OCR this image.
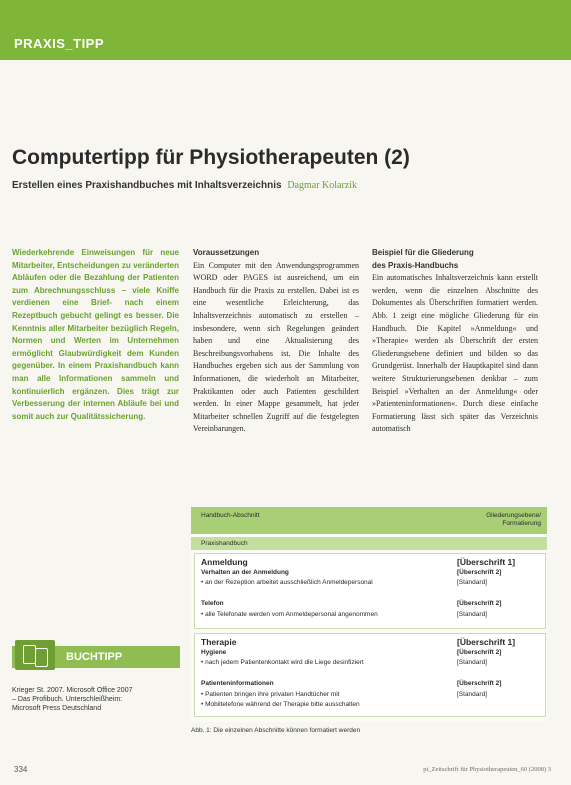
PRAXIS_TIPP
Computertipp für Physiotherapeuten (2)
Erstellen eines Praxishandbuches mit Inhaltsverzeichnis Dagmar Kolarzik
Wiederkehrende Einweisungen für neue Mitarbeiter, Entscheidungen zu veränderten Abläufen oder die Bezahlung der Patienten zum Abrechnungsschluss – viele Kniffe verdienen eine Brief- nach einem Rezeptbuch gebucht gelingt es besser. Die Kenntnis aller Mitarbeiter bezüglich Regeln, Normen und Werten im Unternehmen ermöglicht Glaubwürdigkeit dem Kunden gegenüber. In einem Praxishandbuch kann man alle Informationen sammeln und kontinuierlich ergänzen. Dies trägt zur Verbesserung der internen Abläufe bei und somit auch zur Qualitätssicherung.
Voraussetzungen
Ein Computer mit den Anwendungsprogrammen WORD oder PAGES ist ausreichend, um ein Handbuch für die Praxis zu erstellen. Dabei ist es eine wesentliche Erleichterung, das Inhaltsverzeichnis automatisch zu erstellen – insbesondere, wenn sich Regelungen geändert haben und eine Aktualisierung des Beschreibungsvorhabens ist. Die Inhalte des Handbuches ergeben sich aus der Sammlung von Informationen, die wiederholt an Mitarbeiter, Praktikanten oder auch Patienten geschildert werden. In einer Mappe gesammelt, hat jeder Mitarbeiter schnellen Zugriff auf die festgelegten Vereinbarungen.
Beispiel für die Gliederung
des Praxis-Handbuchs
Ein automatisches Inhaltsverzeichnis kann erstellt werden, wenn die einzelnen Abschnitte des Dokumentes als Überschriften formatiert werden. Abb. 1 zeigt eine mögliche Gliederung für ein Handbuch. Die Kapitel »Anmeldung« und »Therapie« werden als Überschrift der ersten Gliederungsebene definiert und bilden so das Grundgerüst. Innerhalb der Hauptkapitel sind dann weitere Strukturierungsebenen denkbar – zum Beispiel »Verhalten an der Anmeldung« oder »Patienteninformationen«. Durch diese einfache Formatierung lässt sich später das Verzeichnis automatisch
Handbuch-Abschnitt	Gliederungsebene/
Formatierung
Praxishandbuch
Anmeldung	[Überschrift 1]
Verhalten an der Anmeldung	[Überschrift 2]
• an der Rezeption arbeitet ausschließlich Anmeldepersonal	[Standard]
Telefon	[Überschrift 2]
• alle Telefonate werden vom Anmeldepersonal angenommen	[Standard]
Therapie	[Überschrift 1]
Hygiene	[Überschrift 2]
• nach jedem Patientenkontakt wird die Liege desinfiziert	[Standard]
Patienteninformationen	[Überschrift 2]
• Patienten bringen ihre privaten Handtücher mit	[Standard]
• Mobiltelefone während der Therapie bitte ausschalten
Abb. 1: Die einzelnen Abschnitte können formatiert werden
BUCHTIPP
Krieger St. 2007. Microsoft Office 2007
– Das Profibuch. Unterschleißheim:
Microsoft Press Deutschland
334	pt_Zeitschrift für Physiotherapeuten_60 (2008) 3
